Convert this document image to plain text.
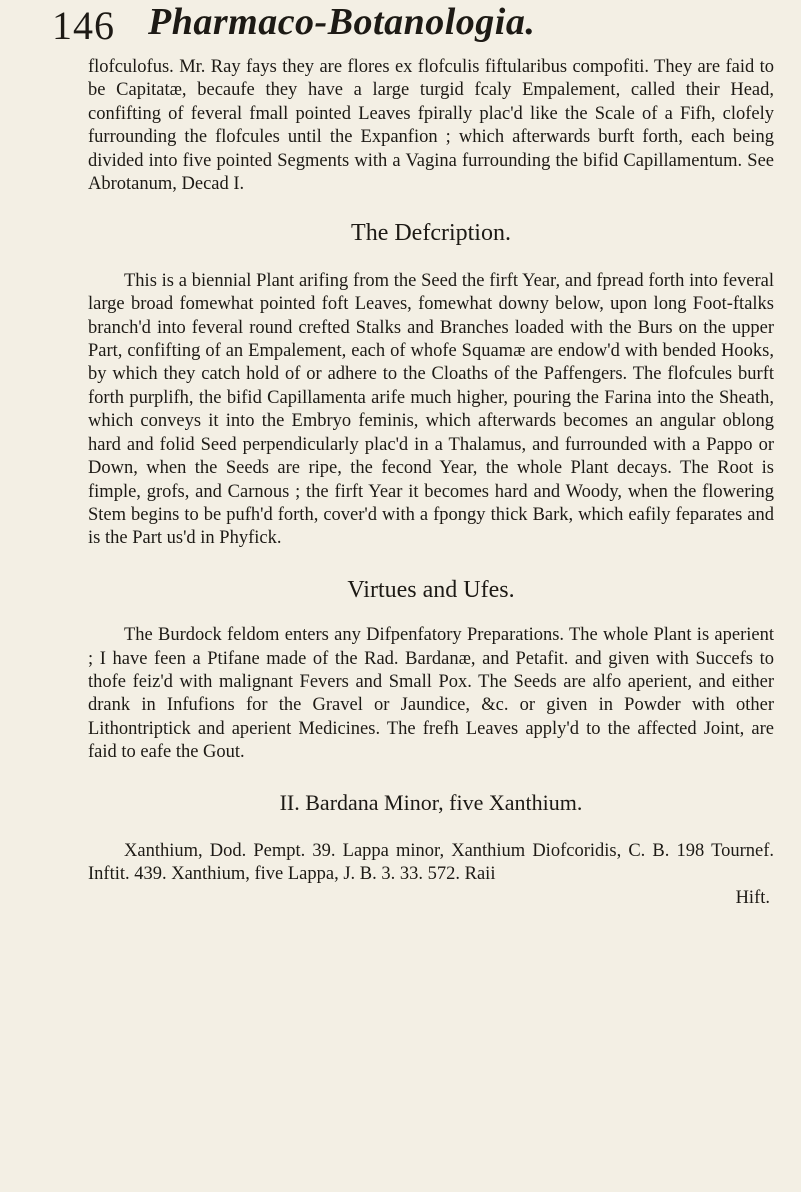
146 Pharmaco-Botanologia.

flofculofus. Mr. Ray fays they are flores ex flofculis fiftularibus compofiti. They are faid to be Capitatæ, becaufe they have a large turgid fcaly Empalement, called their Head, confifting of feveral fmall pointed Leaves fpirally plac'd like the Scale of a Fifh, clofely furrounding the flofcules until the Expanfion ; which afterwards burft forth, each being divided into five pointed Segments with a Vagina furrounding the bifid Capillamentum. See Abrotanum, Decad I.

The Defcription.

This is a biennial Plant arifing from the Seed the firft Year, and fpread forth into feveral large broad fomewhat pointed foft Leaves, fomewhat downy below, upon long Foot-ftalks branch'd into feveral round crefted Stalks and Branches loaded with the Burs on the upper Part, confifting of an Empalement, each of whofe Squamæ are endow'd with bended Hooks, by which they catch hold of or adhere to the Cloaths of the Paffengers. The flofcules burft forth purplifh, the bifid Capillamenta arife much higher, pouring the Farina into the Sheath, which conveys it into the Embryo feminis, which afterwards becomes an angular oblong hard and folid Seed perpendicularly plac'd in a Thalamus, and furrounded with a Pappo or Down, when the Seeds are ripe, the fecond Year, the whole Plant decays. The Root is fimple, grofs, and Carnous ; the firft Year it becomes hard and Woody, when the flowering Stem begins to be pufh'd forth, cover'd with a fpongy thick Bark, which eafily feparates and is the Part us'd in Phyfick.

Virtues and Ufes.

The Burdock feldom enters any Difpenfatory Preparations. The whole Plant is aperient ; I have feen a Ptifane made of the Rad. Bardanæ, and Petafit. and given with Succefs to thofe feiz'd with malignant Fevers and Small Pox. The Seeds are alfo aperient, and either drank in Infufions for the Gravel or Jaundice, &c. or given in Powder with other Lithontriptick and aperient Medicines. The frefh Leaves apply'd to the affected Joint, are faid to eafe the Gout.

II. Bardana Minor, five Xanthium.

Xanthium, Dod. Pempt. 39. Lappa minor, Xanthium Diofcoridis, C. B. 198 Tournef. Inftit. 439. Xanthium, five Lappa, J. B. 3. 33. 572. Raii

Hift.
